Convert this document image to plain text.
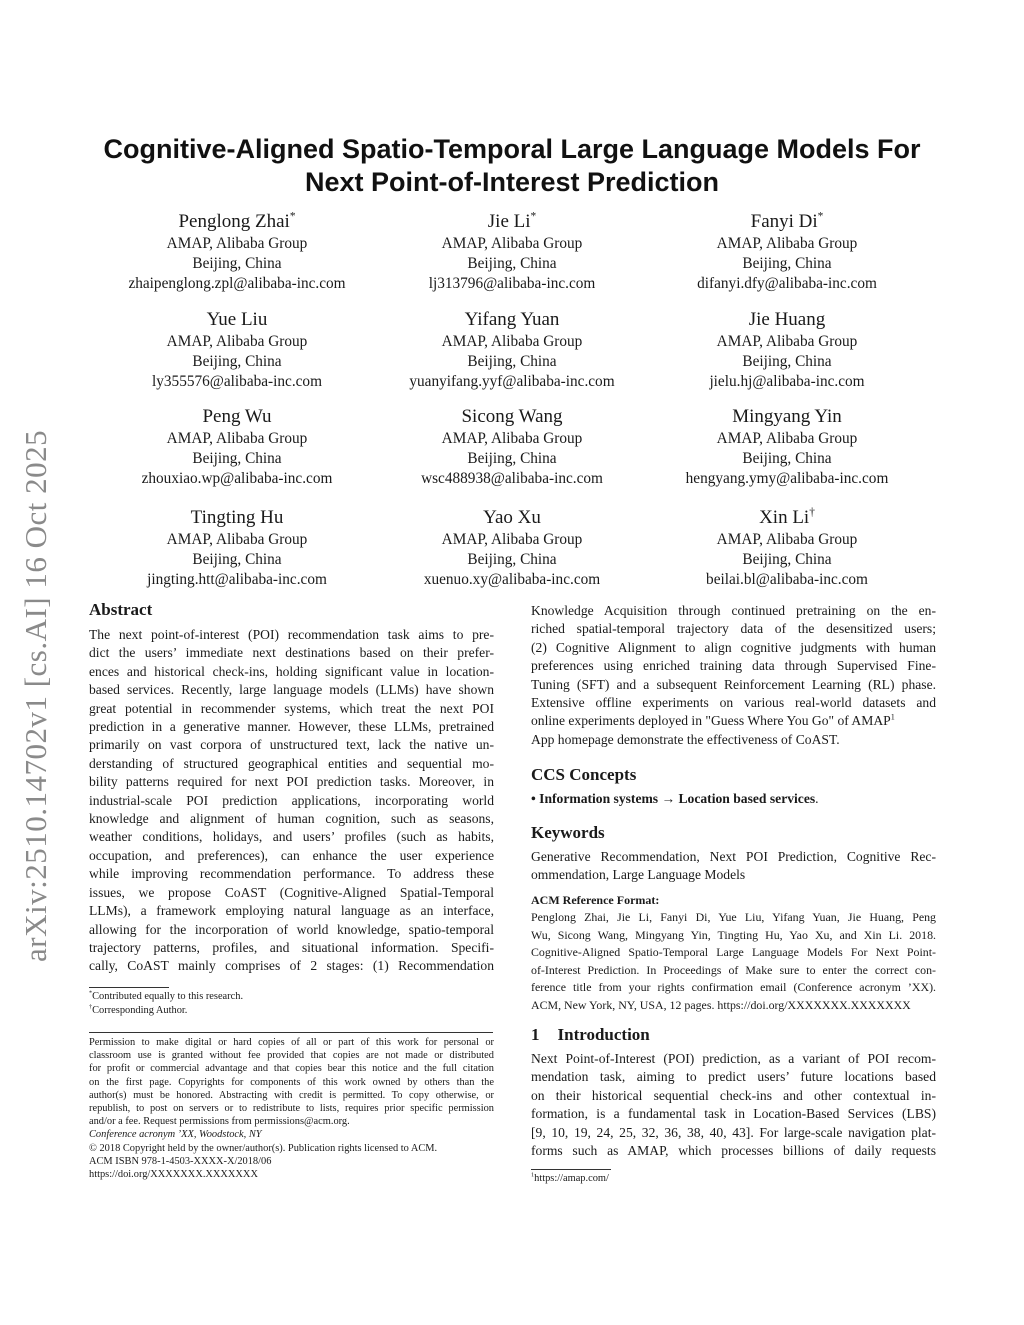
arXiv:2510.14702v1 [cs.AI] 16 Oct 2025
Cognitive-Aligned Spatio-Temporal Large Language Models For
Next Point-of-Interest Prediction
Penglong Zhai*
AMAP, Alibaba Group
Beijing, China
zhaipenglong.zpl@alibaba-inc.com
Jie Li*
AMAP, Alibaba Group
Beijing, China
lj313796@alibaba-inc.com
Fanyi Di*
AMAP, Alibaba Group
Beijing, China
difanyi.dfy@alibaba-inc.com
Yue Liu
AMAP, Alibaba Group
Beijing, China
ly355576@alibaba-inc.com
Yifang Yuan
AMAP, Alibaba Group
Beijing, China
yuanyifang.yyf@alibaba-inc.com
Jie Huang
AMAP, Alibaba Group
Beijing, China
jielu.hj@alibaba-inc.com
Peng Wu
AMAP, Alibaba Group
Beijing, China
zhouxiao.wp@alibaba-inc.com
Sicong Wang
AMAP, Alibaba Group
Beijing, China
wsc488938@alibaba-inc.com
Mingyang Yin
AMAP, Alibaba Group
Beijing, China
hengyang.ymy@alibaba-inc.com
Tingting Hu
AMAP, Alibaba Group
Beijing, China
jingting.htt@alibaba-inc.com
Yao Xu
AMAP, Alibaba Group
Beijing, China
xuenuo.xy@alibaba-inc.com
Xin Li†
AMAP, Alibaba Group
Beijing, China
beilai.bl@alibaba-inc.com
Abstract
The next point-of-interest (POI) recommendation task aims to pre-
dict the users’ immediate next destinations based on their prefer-
ences and historical check-ins, holding significant value in location-
based services. Recently, large language models (LLMs) have shown
great potential in recommender systems, which treat the next POI
prediction in a generative manner. However, these LLMs, pretrained
primarily on vast corpora of unstructured text, lack the native un-
derstanding of structured geographical entities and sequential mo-
bility patterns required for next POI prediction tasks. Moreover, in
industrial-scale POI prediction applications, incorporating world
knowledge and alignment of human cognition, such as seasons,
weather conditions, holidays, and users’ profiles (such as habits,
occupation, and preferences), can enhance the user experience
while improving recommendation performance. To address these
issues, we propose CoAST (Cognitive-Aligned Spatial-Temporal
LLMs), a framework employing natural language as an interface,
allowing for the incorporation of world knowledge, spatio-temporal
trajectory patterns, profiles, and situational information. Specifi-
cally, CoAST mainly comprises of 2 stages: (1) Recommendation
*Contributed equally to this research.
†Corresponding Author.
Permission to make digital or hard copies of all or part of this work for personal or
classroom use is granted without fee provided that copies are not made or distributed
for profit or commercial advantage and that copies bear this notice and the full citation
on the first page. Copyrights for components of this work owned by others than the
author(s) must be honored. Abstracting with credit is permitted. To copy otherwise, or
republish, to post on servers or to redistribute to lists, requires prior specific permission
and/or a fee. Request permissions from permissions@acm.org.
Conference acronym ’XX, Woodstock, NY
© 2018 Copyright held by the owner/author(s). Publication rights licensed to ACM.
ACM ISBN 978-1-4503-XXXX-X/2018/06
https://doi.org/XXXXXXX.XXXXXXX
Knowledge Acquisition through continued pretraining on the en-
riched spatial-temporal trajectory data of the desensitized users;
(2) Cognitive Alignment to align cognitive judgments with human
preferences using enriched training data through Supervised Fine-
Tuning (SFT) and a subsequent Reinforcement Learning (RL) phase.
Extensive offline experiments on various real-world datasets and
online experiments deployed in "Guess Where You Go" of AMAP$^1$
App homepage demonstrate the effectiveness of CoAST.
CCS Concepts
• Information systems → Location based services.
Keywords
Generative Recommendation, Next POI Prediction, Cognitive Rec-
ommendation, Large Language Models
ACM Reference Format:
Penglong Zhai, Jie Li, Fanyi Di, Yue Liu, Yifang Yuan, Jie Huang, Peng
Wu, Sicong Wang, Mingyang Yin, Tingting Hu, Yao Xu, and Xin Li. 2018.
Cognitive-Aligned Spatio-Temporal Large Language Models For Next Point-
of-Interest Prediction. In Proceedings of Make sure to enter the correct con-
ference title from your rights confirmation email (Conference acronym ’XX).
ACM, New York, NY, USA, 12 pages. https://doi.org/XXXXXXX.XXXXXXX
1 Introduction
Next Point-of-Interest (POI) prediction, as a variant of POI recom-
mendation task, aiming to predict users’ future locations based
on their historical sequential check-ins and other contextual in-
formation, is a fundamental task in Location-Based Services (LBS)
[9, 10, 19, 24, 25, 32, 36, 38, 40, 43]. For large-scale navigation plat-
forms such as AMAP, which processes billions of daily requests
$^1$https://amap.com/
